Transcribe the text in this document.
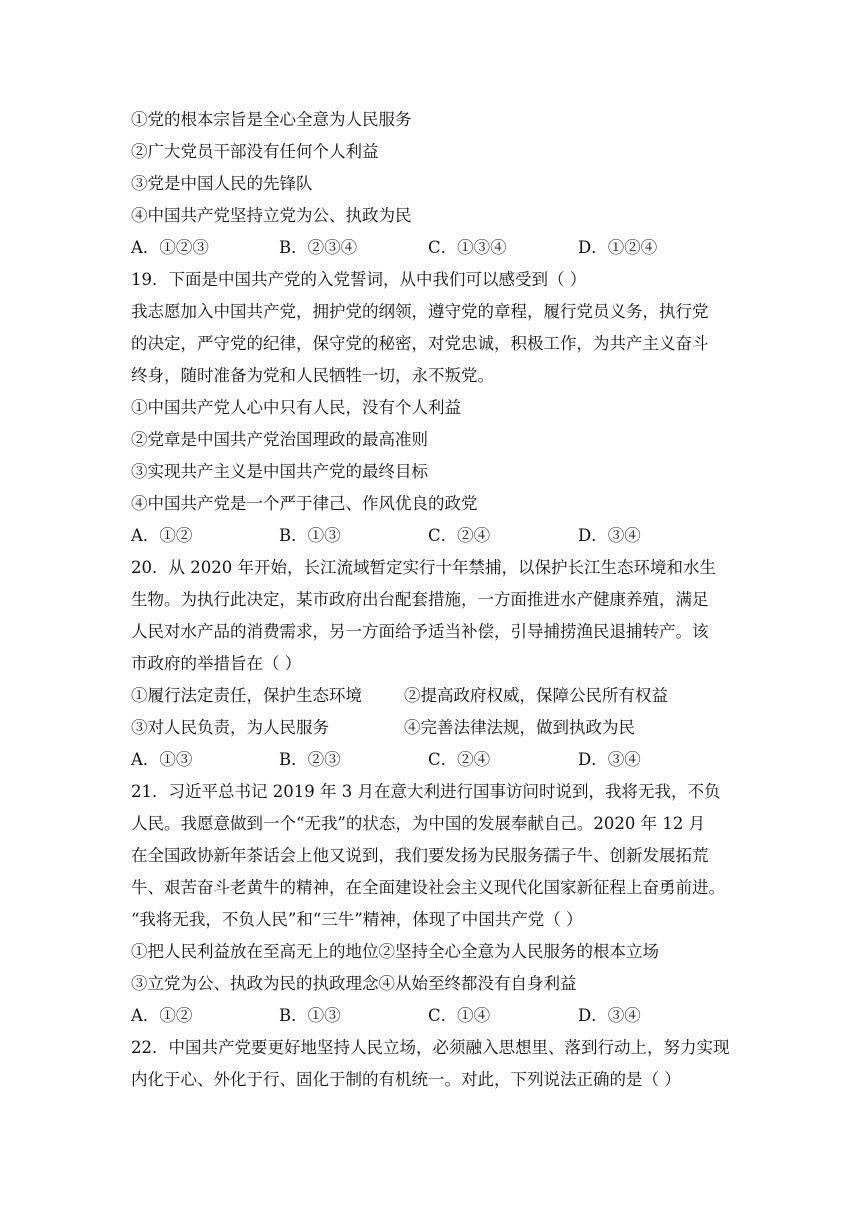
①党的根本宗旨是全心全意为人民服务
②广大党员干部没有任何个人利益
③党是中国人民的先锋队
④中国共产党坚持立党为公、执政为民
A．①②③	B．②③④	C．①③④	D．①②④
19．下面是中国共产党的入党誓词，从中我们可以感受到（ ）
我志愿加入中国共产党，拥护党的纲领，遵守党的章程，履行党员义务，执行党
的决定，严守党的纪律，保守党的秘密，对党忠诚，积极工作，为共产主义奋斗
终身，随时准备为党和人民牺牲一切，永不叛党。
①中国共产党人心中只有人民，没有个人利益
②党章是中国共产党治国理政的最高准则
③实现共产主义是中国共产党的最终目标
④中国共产党是一个严于律己、作风优良的政党
A．①②	B．①③	C．②④	D．③④
20．从 2020 年开始，长江流域暂定实行十年禁捕，以保护长江生态环境和水生
生物。为执行此决定，某市政府出台配套措施，一方面推进水产健康养殖，满足
人民对水产品的消费需求，另一方面给予适当补偿，引导捕捞渔民退捕转产。该
市政府的举措旨在（ ）
①履行法定责任，保护生态环境	②提高政府权威，保障公民所有权益
③对人民负责，为人民服务	④完善法律法规，做到执政为民
A．①③	B．②③	C．②④	D．③④
21．习近平总书记 2019 年 3 月在意大利进行国事访问时说到，我将无我，不负
人民。我愿意做到一个“无我”的状态，为中国的发展奉献自己。2020 年 12 月
在全国政协新年茶话会上他又说到，我们要发扬为民服务孺子牛、创新发展拓荒
牛、艰苦奋斗老黄牛的精神，在全面建设社会主义现代化国家新征程上奋勇前进。
“我将无我，不负人民”和“三牛”精神，体现了中国共产党（ ）
①把人民利益放在至高无上的地位②坚持全心全意为人民服务的根本立场
③立党为公、执政为民的执政理念④从始至终都没有自身利益
A．①②	B．①③	C．①④	D．③④
22．中国共产党要更好地坚持人民立场，必须融入思想里、落到行动上，努力实现
内化于心、外化于行、固化于制的有机统一。对此，下列说法正确的是（ ）
